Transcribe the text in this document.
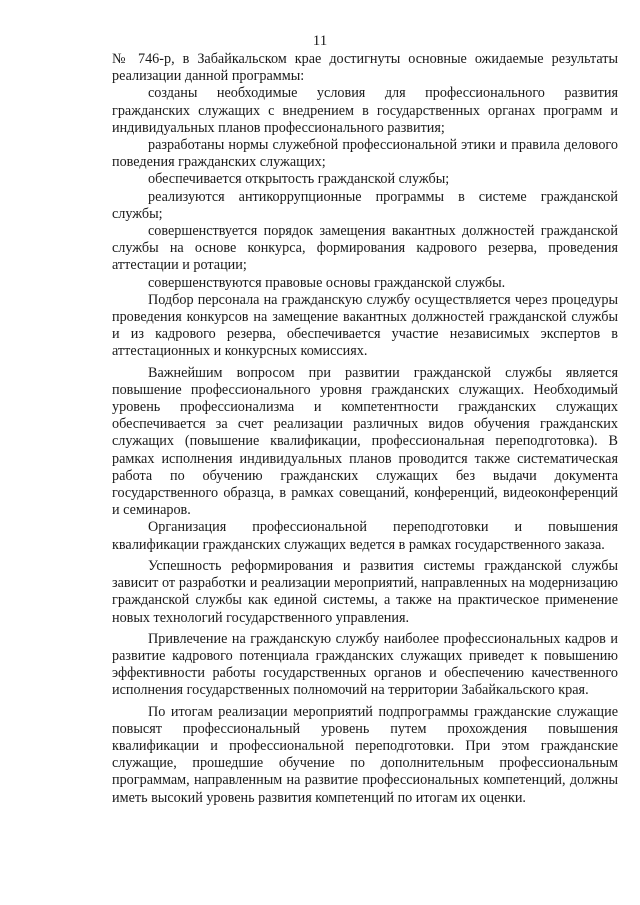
11

№ 746-р, в Забайкальском крае достигнуты основные ожидаемые результаты реализации данной программы:

созданы необходимые условия для профессионального развития гражданских служащих с внедрением в государственных органах программ и индивидуальных планов профессионального развития;

разработаны нормы служебной профессиональной этики и правила делового поведения гражданских служащих;

обеспечивается открытость гражданской службы;

реализуются антикоррупционные программы в системе гражданской службы;

совершенствуется порядок замещения вакантных должностей гражданской службы на основе конкурса, формирования кадрового резерва, проведения аттестации и ротации;

совершенствуются правовые основы гражданской службы.

Подбор персонала на гражданскую службу осуществляется через процедуры проведения конкурсов на замещение вакантных должностей гражданской службы и из кадрового резерва, обеспечивается участие независимых экспертов в аттестационных и конкурсных комиссиях.

Важнейшим вопросом при развитии гражданской службы является повышение профессионального уровня гражданских служащих. Необходимый уровень профессионализма и компетентности гражданских служащих обеспечивается за счет реализации различных видов обучения гражданских служащих (повышение квалификации, профессиональная переподготовка). В рамках исполнения индивидуальных планов проводится также систематическая работа по обучению гражданских служащих без выдачи документа государственного образца, в рамках совещаний, конференций, видеоконференций и семинаров.

Организация профессиональной переподготовки и повышения квалификации гражданских служащих ведется в рамках государственного заказа.

Успешность реформирования и развития системы гражданской службы зависит от разработки и реализации мероприятий, направленных на модернизацию гражданской службы как единой системы, а также на практическое применение новых технологий государственного управления.

Привлечение на гражданскую службу наиболее профессиональных кадров и развитие кадрового потенциала гражданских служащих приведет к повышению эффективности работы государственных органов и обеспечению качественного исполнения государственных полномочий на территории Забайкальского края.

По итогам реализации мероприятий подпрограммы гражданские служащие повысят профессиональный уровень путем прохождения повышения квалификации и профессиональной переподготовки. При этом гражданские служащие, прошедшие обучение по дополнительным профессиональным программам, направленным на развитие профессиональных компетенций, должны иметь высокий уровень развития компетенций по итогам их оценки.
